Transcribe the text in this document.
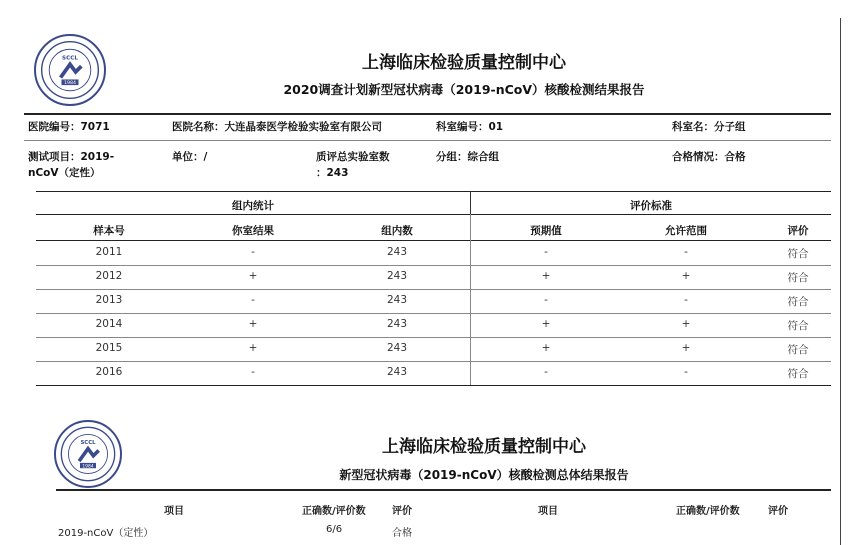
SCCL
1984
上海临床检验质量控制中心
2020调查计划新型冠状病毒（2019-nCoV）核酸检测结果报告
医院编号：7071	医院名称：大连晶泰医学检验实验室有限公司	科室编号：01	科室名：分子组
测试项目：2019-
nCoV（定性）
单位：/	质评总实验室数
：243
分组：综合组	合格情况：合格
组内统计	评价标准
样本号	你室结果	组内数	预期值	允许范围	评价
2011	-	243	-	-	符合
2012	+	243	+	+	符合
2013	-	243	-	-	符合
2014	+	243	+	+	符合
2015	+	243	+	+	符合
2016	-	243	-	-	符合
SCCL
1984
上海临床检验质量控制中心
新型冠状病毒（2019-nCoV）核酸检测总体结果报告
项目	正确数/评价数	评价	项目	正确数/评价数	评价
2019-nCoV（定性）	6/6	合格
